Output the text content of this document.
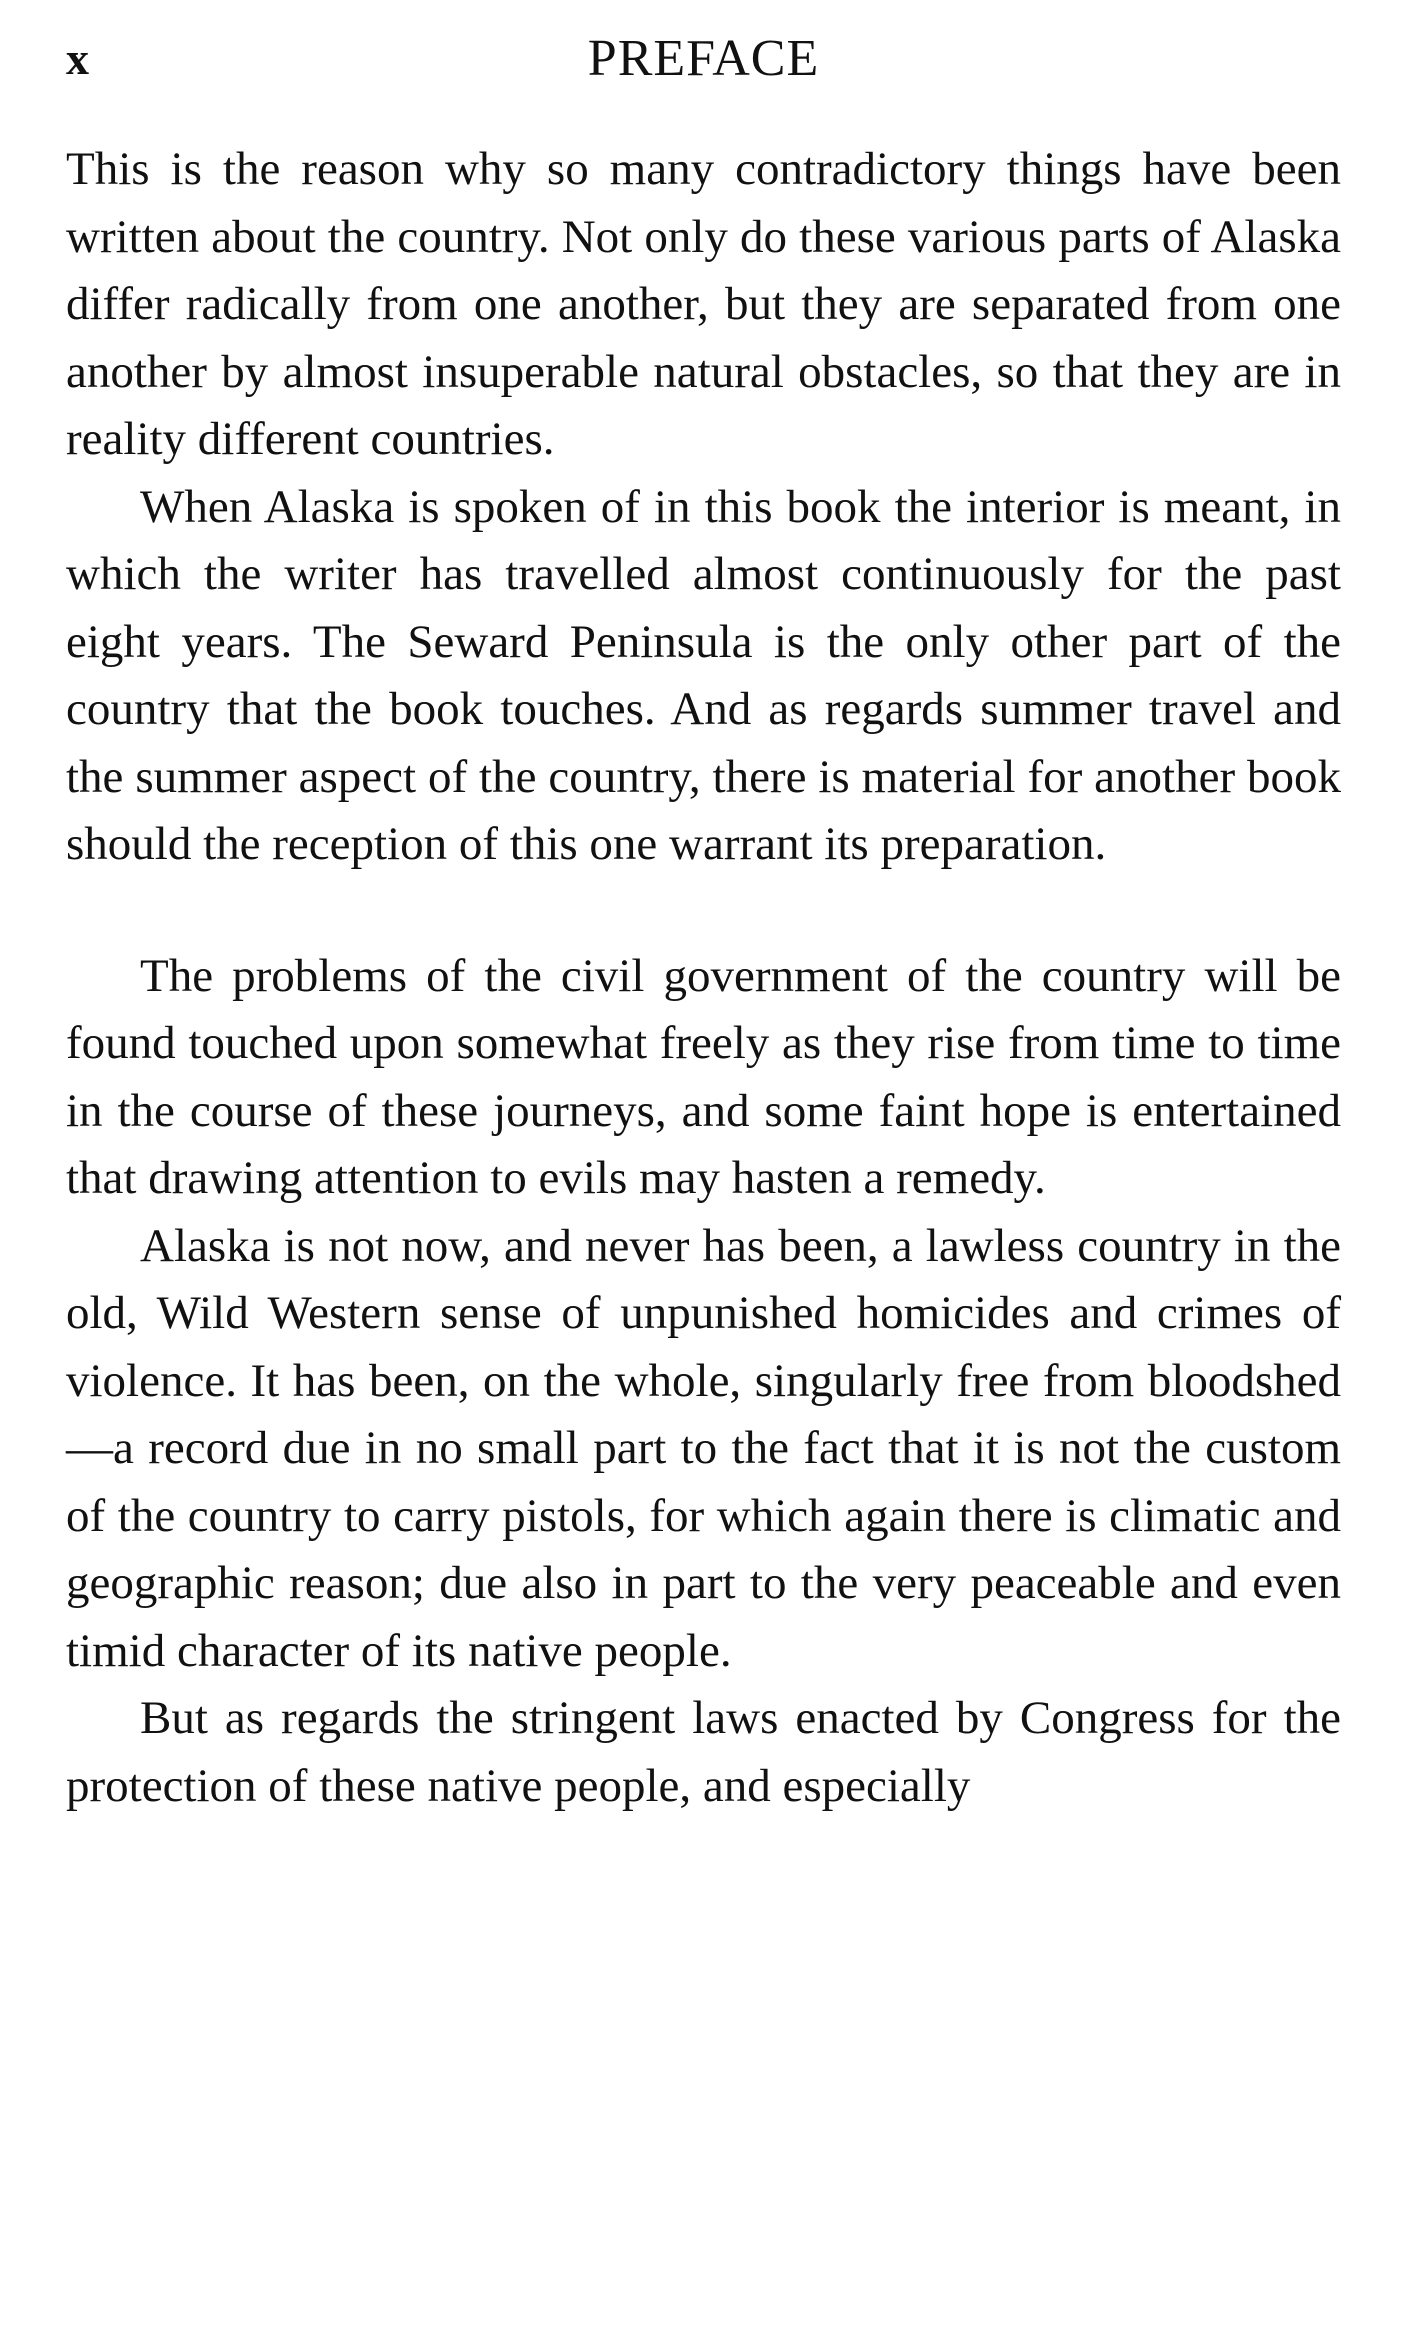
x	PREFACE

This is the reason why so many contradictory things have been written about the country. Not only do these various parts of Alaska differ radically from one another, but they are separated from one another by almost insuperable natural obstacles, so that they are in reality different countries.

When Alaska is spoken of in this book the interior is meant, in which the writer has travelled almost continuously for the past eight years. The Seward Peninsula is the only other part of the country that the book touches. And as regards summer travel and the summer aspect of the country, there is material for another book should the reception of this one warrant its preparation.

The problems of the civil government of the country will be found touched upon somewhat freely as they rise from time to time in the course of these journeys, and some faint hope is entertained that drawing attention to evils may hasten a remedy.

Alaska is not now, and never has been, a lawless country in the old, Wild Western sense of unpunished homicides and crimes of violence. It has been, on the whole, singularly free from bloodshed—a record due in no small part to the fact that it is not the custom of the country to carry pistols, for which again there is climatic and geographic reason; due also in part to the very peaceable and even timid character of its native people.

But as regards the stringent laws enacted by Congress for the protection of these native people, and especially
